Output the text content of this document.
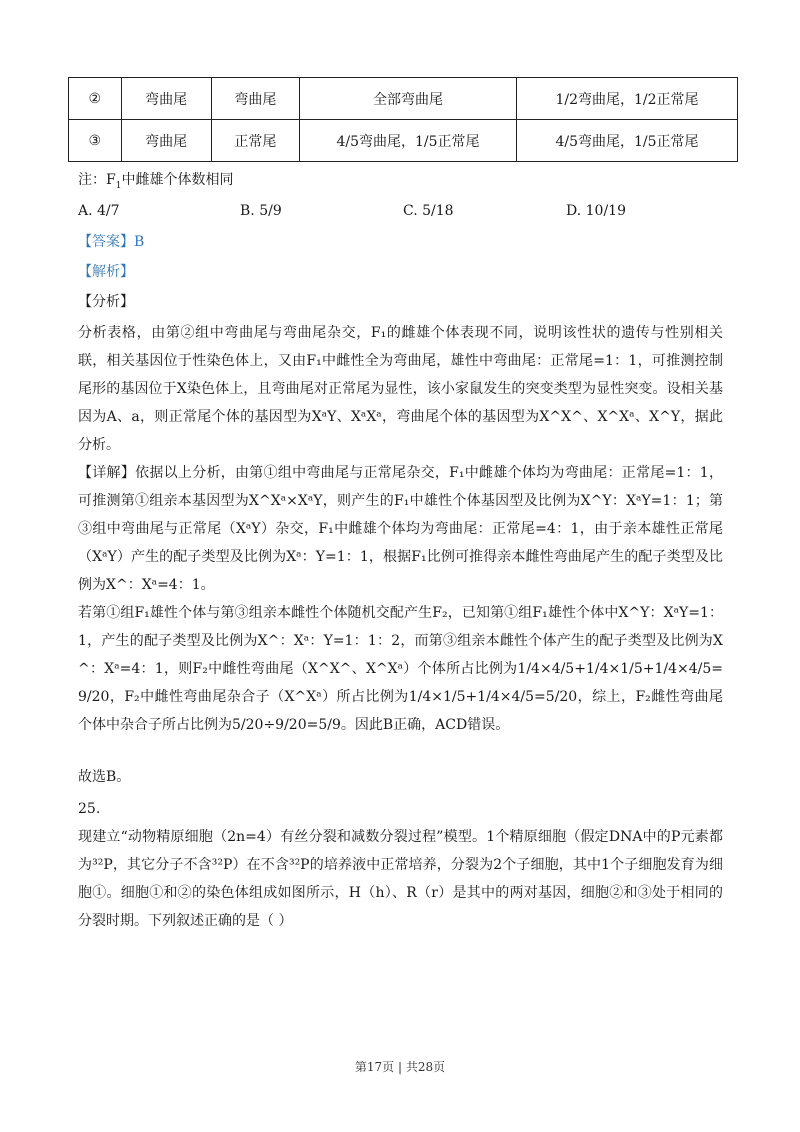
②	弯曲尾	弯曲尾	全部弯曲尾	1/2弯曲尾，1/2正常尾
③	弯曲尾	正常尾	4/5弯曲尾，1/5正常尾	4/5弯曲尾，1/5正常尾
注：$F_1$中雌雄个体数相同
A. 4/7	B. 5/9	C. 5/18	D. 10/19
【答案】B
【解析】
【分析】
分析表格，由第②组中弯曲尾与弯曲尾杂交，F₁的雌雄个体表现不同，说明该性状的遗传与性别相关联，相关基因位于性染色体上，又由F₁中雌性全为弯曲尾，雄性中弯曲尾：正常尾=1：1，可推测控制尾形的基因位于X染色体上，且弯曲尾对正常尾为显性，该小家鼠发生的突变类型为显性突变。设相关基因为A、a，则正常尾个体的基因型为XᵃY、XᵃXᵃ，弯曲尾个体的基因型为X^X^、X^Xᵃ、X^Y，据此分析。
【详解】依据以上分析，由第①组中弯曲尾与正常尾杂交，F₁中雌雄个体均为弯曲尾：正常尾=1：1，可推测第①组亲本基因型为X^Xᵃ×XᵃY，则产生的F₁中雄性个体基因型及比例为X^Y：XᵃY=1：1；第③组中弯曲尾与正常尾（XᵃY）杂交，F₁中雌雄个体均为弯曲尾：正常尾=4：1，由于亲本雄性正常尾（XᵃY）产生的配子类型及比例为Xᵃ：Y=1：1，根据F₁比例可推得亲本雌性弯曲尾产生的配子类型及比例为X^：Xᵃ=4：1。
若第①组F₁雄性个体与第③组亲本雌性个体随机交配产生F₂，已知第①组F₁雄性个体中X^Y：XᵃY=1：1，产生的配子类型及比例为X^：Xᵃ：Y=1：1：2，而第③组亲本雌性个体产生的配子类型及比例为X^：Xᵃ=4：1，则F₂中雌性弯曲尾（X^X^、X^Xᵃ）个体所占比例为1/4×4/5+1/4×1/5+1/4×4/5=9/20，F₂中雌性弯曲尾杂合子（X^Xᵃ）所占比例为1/4×1/5+1/4×4/5=5/20，综上，F₂雌性弯曲尾个体中杂合子所占比例为5/20÷9/20=5/9。因此B正确，ACD错误。
故选B。
25.
现建立“动物精原细胞（2n=4）有丝分裂和减数分裂过程”模型。1个精原细胞（假定DNA中的P元素都为³²P，其它分子不含³²P）在不含³²P的培养液中正常培养，分裂为2个子细胞，其中1个子细胞发育为细胞①。细胞①和②的染色体组成如图所示，H（h）、R（r）是其中的两对基因，细胞②和③处于相同的分裂时期。下列叙述正确的是（ ）
第17页 | 共28页
